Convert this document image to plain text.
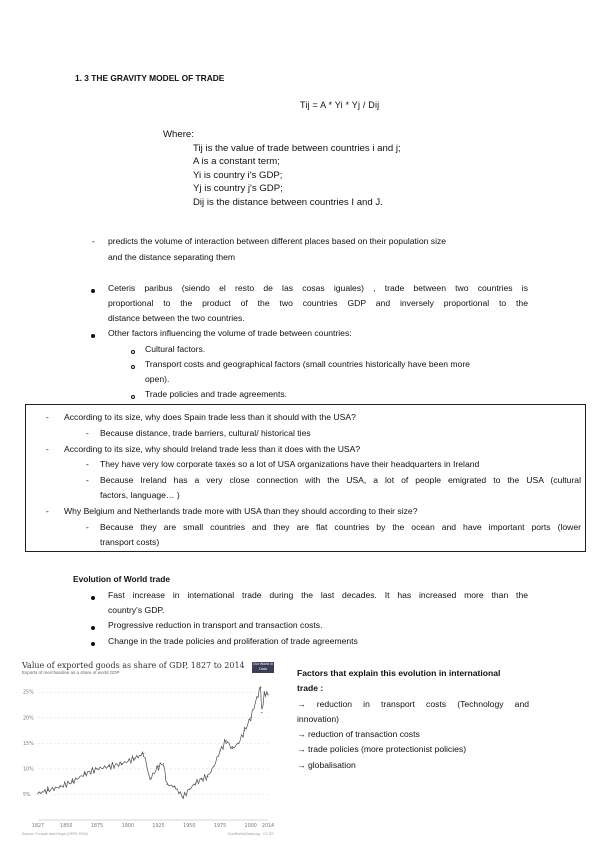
1. 3 THE GRAVITY MODEL OF TRADE
Tij = A * Yi * Yj / Dij
Where:
Tij is the value of trade between countries i and j;
A is a constant term;
Yi is country i's GDP;
Yj is country j's GDP;
Dij is the distance between countries I and J.
- predicts the volume of interaction between different places based on their population size
and the distance separating them
Ceteris paribus (siendo el resto de las cosas iguales) , trade between two countries is
proportional to the product of the two countries GDP and inversely proportional to the
distance between the two countries.
Other factors influencing the volume of trade between countries:
Cultural factors.
Transport costs and geographical factors (small countries historically have been more
open).
Trade policies and trade agreements.
- According to its size, why does Spain trade less than it should with the USA?
- Because distance, trade barriers, cultural/ historical ties
- According to its size, why should Ireland trade less than it does with the USA?
- They have very low corporate taxes so a lot of USA organizations have their headquarters in Ireland
- Because Ireland has a very close connection with the USA, a lot of people emigrated to the USA (cultural
factors, language… )
- Why Belgium and Netherlands trade more with USA than they should according to their size?
- Because they are small countries and they are flat countries by the ocean and have important ports (lower
transport costs)
Evolution of World trade
Fast increase in international trade during the last decades. It has increased more than the
country's GDP.
Progressive reduction in transport and transaction costs.
Change in the trade policies and proliferation of trade agreements
Value of exported goods as share of GDP, 1827 to 2014
Exports of merchandise as a share of world GDP
Our World in Data
25%
20%
15%
10%
5%
1827	1850	1875	1900	1925	1950	1975	2000 2014
Source: Fouquin and Hugot (CEPII 2016)	OurWorldInData.org · CC BY
Factors that explain this evolution in international
trade :
→ reduction in transport costs (Technology and
innovation)
→ reduction of transaction costs
→ trade policies (more protectionist policies)
→ globalisation
